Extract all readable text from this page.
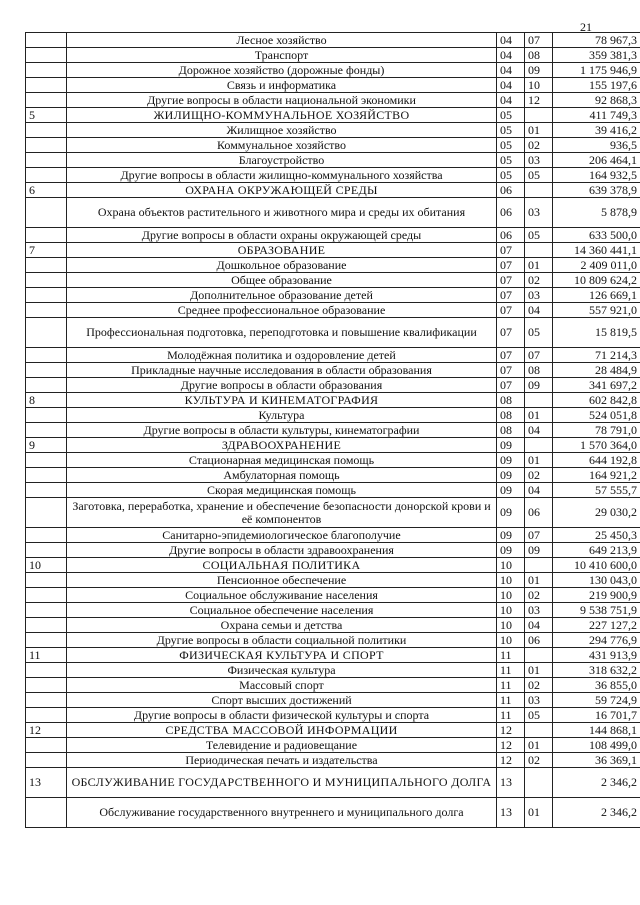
21
	Лесное хозяйство	04	07	78 967,3
	Транспорт	04	08	359 381,3
	Дорожное хозяйство (дорожные фонды)	04	09	1 175 946,9
	Связь и информатика	04	10	155 197,6
	Другие вопросы в области национальной экономики	04	12	92 868,3
5	ЖИЛИЩНО-КОММУНАЛЬНОЕ ХОЗЯЙСТВО	05		411 749,3
	Жилищное хозяйство	05	01	39 416,2
	Коммунальное хозяйство	05	02	936,5
	Благоустройство	05	03	206 464,1
	Другие вопросы в области жилищно-коммунального хозяйства	05	05	164 932,5
6	ОХРАНА ОКРУЖАЮЩЕЙ СРЕДЫ	06		639 378,9
	Охрана объектов растительного и животного мира и среды их обитания	06	03	5 878,9
	Другие вопросы в области охраны окружающей среды	06	05	633 500,0
7	ОБРАЗОВАНИЕ	07		14 360 441,1
	Дошкольное образование	07	01	2 409 011,0
	Общее образование	07	02	10 809 624,2
	Дополнительное образование детей	07	03	126 669,1
	Среднее профессиональное образование	07	04	557 921,0
	Профессиональная подготовка, переподготовка и повышение квалификации	07	05	15 819,5
	Молодёжная политика и оздоровление детей	07	07	71 214,3
	Прикладные научные исследования в области образования	07	08	28 484,9
	Другие вопросы в области образования	07	09	341 697,2
8	КУЛЬТУРА И КИНЕМАТОГРАФИЯ	08		602 842,8
	Культура	08	01	524 051,8
	Другие вопросы в области культуры, кинематографии	08	04	78 791,0
9	ЗДРАВООХРАНЕНИЕ	09		1 570 364,0
	Стационарная медицинская помощь	09	01	644 192,8
	Амбулаторная помощь	09	02	164 921,2
	Скорая медицинская помощь	09	04	57 555,7
	Заготовка, переработка, хранение и обеспечение безопасности донорской крови и её компонентов	09	06	29 030,2
	Санитарно-эпидемиологическое благополучие	09	07	25 450,3
	Другие вопросы в области здравоохранения	09	09	649 213,9
10	СОЦИАЛЬНАЯ ПОЛИТИКА	10		10 410 600,0
	Пенсионное обеспечение	10	01	130 043,0
	Социальное обслуживание населения	10	02	219 900,9
	Социальное обеспечение населения	10	03	9 538 751,9
	Охрана семьи и детства	10	04	227 127,2
	Другие вопросы в области социальной политики	10	06	294 776,9
11	ФИЗИЧЕСКАЯ КУЛЬТУРА И СПОРТ	11		431 913,9
	Физическая культура	11	01	318 632,2
	Массовый спорт	11	02	36 855,0
	Спорт высших достижений	11	03	59 724,9
	Другие вопросы в области физической культуры и спорта	11	05	16 701,7
12	СРЕДСТВА МАССОВОЙ ИНФОРМАЦИИ	12		144 868,1
	Телевидение и радиовещание	12	01	108 499,0
	Периодическая печать и издательства	12	02	36 369,1
13	ОБСЛУЖИВАНИЕ ГОСУДАРСТВЕННОГО И МУНИЦИПАЛЬНОГО ДОЛГА	13		2 346,2
	Обслуживание государственного внутреннего и муниципального долга	13	01	2 346,2
